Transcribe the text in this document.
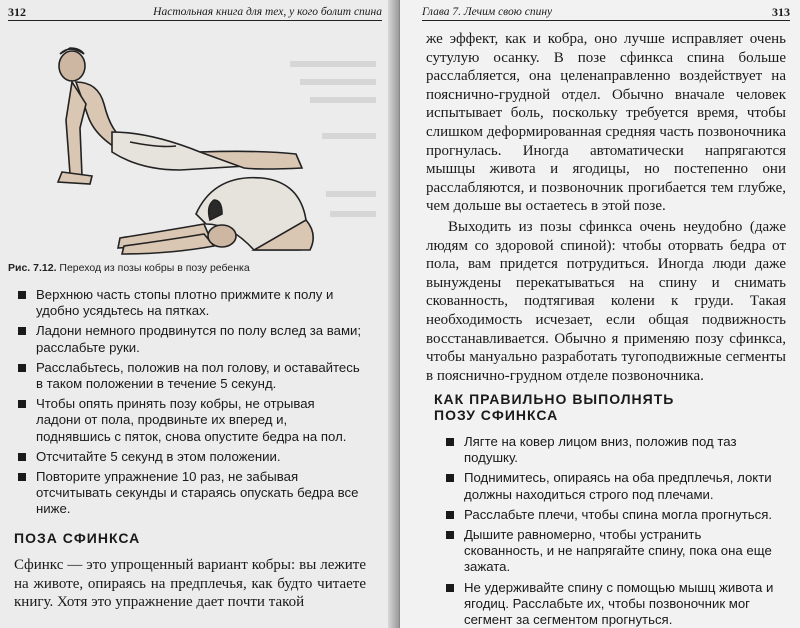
312	Настольная книга для тех, у кого болит спина
Рис. 7.12. Переход из позы кобры в позу ребенка
Верхнюю часть стопы плотно прижмите к полу и удобно усядьтесь на пятках.
Ладони немного продвинутся по полу вслед за вами; расслабьте руки.
Расслабьтесь, положив на пол голову, и оставайтесь в таком положении в течение 5 секунд.
Чтобы опять принять позу кобры, не отрывая ладони от пола, продвиньте их вперед и, поднявшись с пяток, снова опустите бедра на пол.
Отсчитайте 5 секунд в этом положении.
Повторите упражнение 10 раз, не забывая отсчитывать секунды и стараясь опускать бедра все ниже.
ПОЗА СФИНКСА

Сфинкс — это упрощенный вариант кобры: вы лежите на животе, опираясь на предплечья, как будто читаете книгу. Хотя это упражнение дает почти такой

Глава 7. Лечим свою спину	313

же эффект, как и кобра, оно лучше исправляет очень сутулую осанку. В позе сфинкса спина больше расслабляется, она целенаправленно воздействует на пояснично-грудной отдел. Обычно вначале человек испытывает боль, поскольку требуется время, чтобы слишком деформированная средняя часть позвоночника прогнулась. Иногда автоматически напрягаются мышцы живота и ягодицы, но постепенно они расслабляются, и позвоночник прогибается тем глубже, чем дольше вы остаетесь в этой позе.

Выходить из позы сфинкса очень неудобно (даже людям со здоровой спиной): чтобы оторвать бедра от пола, вам придется потрудиться. Иногда люди даже вынуждены перекатываться на спину и снимать скованность, подтягивая колени к груди. Такая необходимость исчезает, если общая подвижность восстанавливается. Обычно я применяю позу сфинкса, чтобы мануально разработать тугоподвижные сегменты в пояснично-грудном отделе позвоночника.

КАК ПРАВИЛЬНО ВЫПОЛНЯТЬ
ПОЗУ СФИНКСА
Лягте на ковер лицом вниз, положив под таз подушку.
Поднимитесь, опираясь на оба предплечья, локти должны находиться строго под плечами.
Расслабьте плечи, чтобы спина могла прогнуться.
Дышите равномерно, чтобы устранить скованность, и не напрягайте спину, пока она еще зажата.
Не удерживайте спину с помощью мышц живота и ягодиц. Расслабьте их, чтобы позвоночник мог сегмент за сегментом прогнуться.
